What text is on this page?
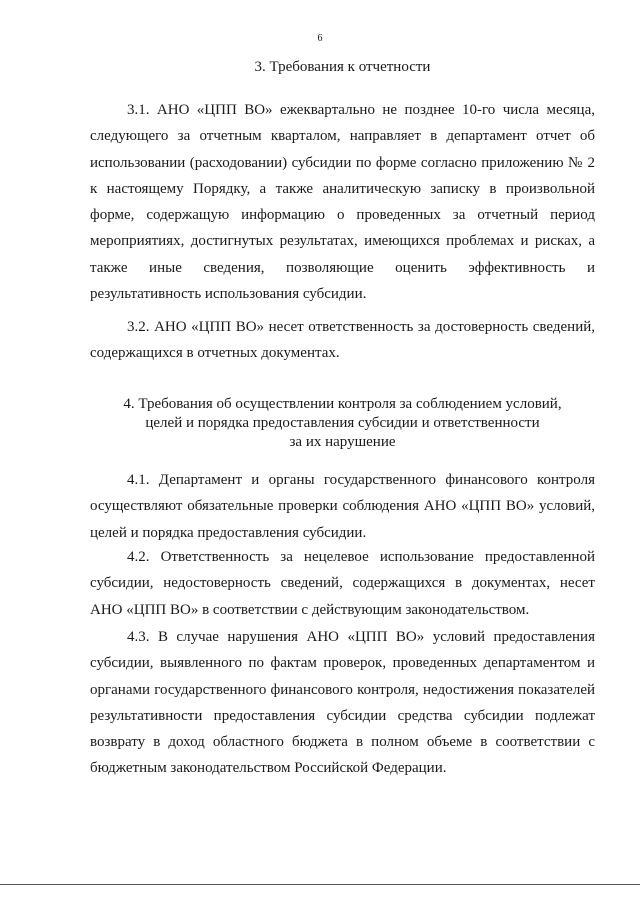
6
3. Требования к отчетности

3.1. АНО «ЦПП ВО» ежеквартально не позднее 10-го числа месяца, следующего за отчетным кварталом, направляет в департамент отчет об использовании (расходовании) субсидии по форме согласно приложению № 2 к настоящему Порядку, а также аналитическую записку в произвольной форме, содержащую информацию о проведенных за отчетный период мероприятиях, достигнутых результатах, имеющихся проблемах и рисках, а также иные сведения, позволяющие оценить эффективность и результативность использования субсидии.

3.2. АНО «ЦПП ВО» несет ответственность за достоверность сведений, содержащихся в отчетных документах.

4. Требования об осуществлении контроля за соблюдением условий,
целей и порядка предоставления субсидии и ответственности
за их нарушение

4.1. Департамент и органы государственного финансового контроля осуществляют обязательные проверки соблюдения АНО «ЦПП ВО» условий, целей и порядка предоставления субсидии.

4.2. Ответственность за нецелевое использование предоставленной субсидии, недостоверность сведений, содержащихся в документах, несет АНО «ЦПП ВО» в соответствии с действующим законодательством.

4.3. В случае нарушения АНО «ЦПП ВО» условий предоставления субсидии, выявленного по фактам проверок, проведенных департаментом и органами государственного финансового контроля, недостижения показателей результативности предоставления субсидии средства субсидии подлежат возврату в доход областного бюджета в полном объеме в соответствии с бюджетным законодательством Российской Федерации.
